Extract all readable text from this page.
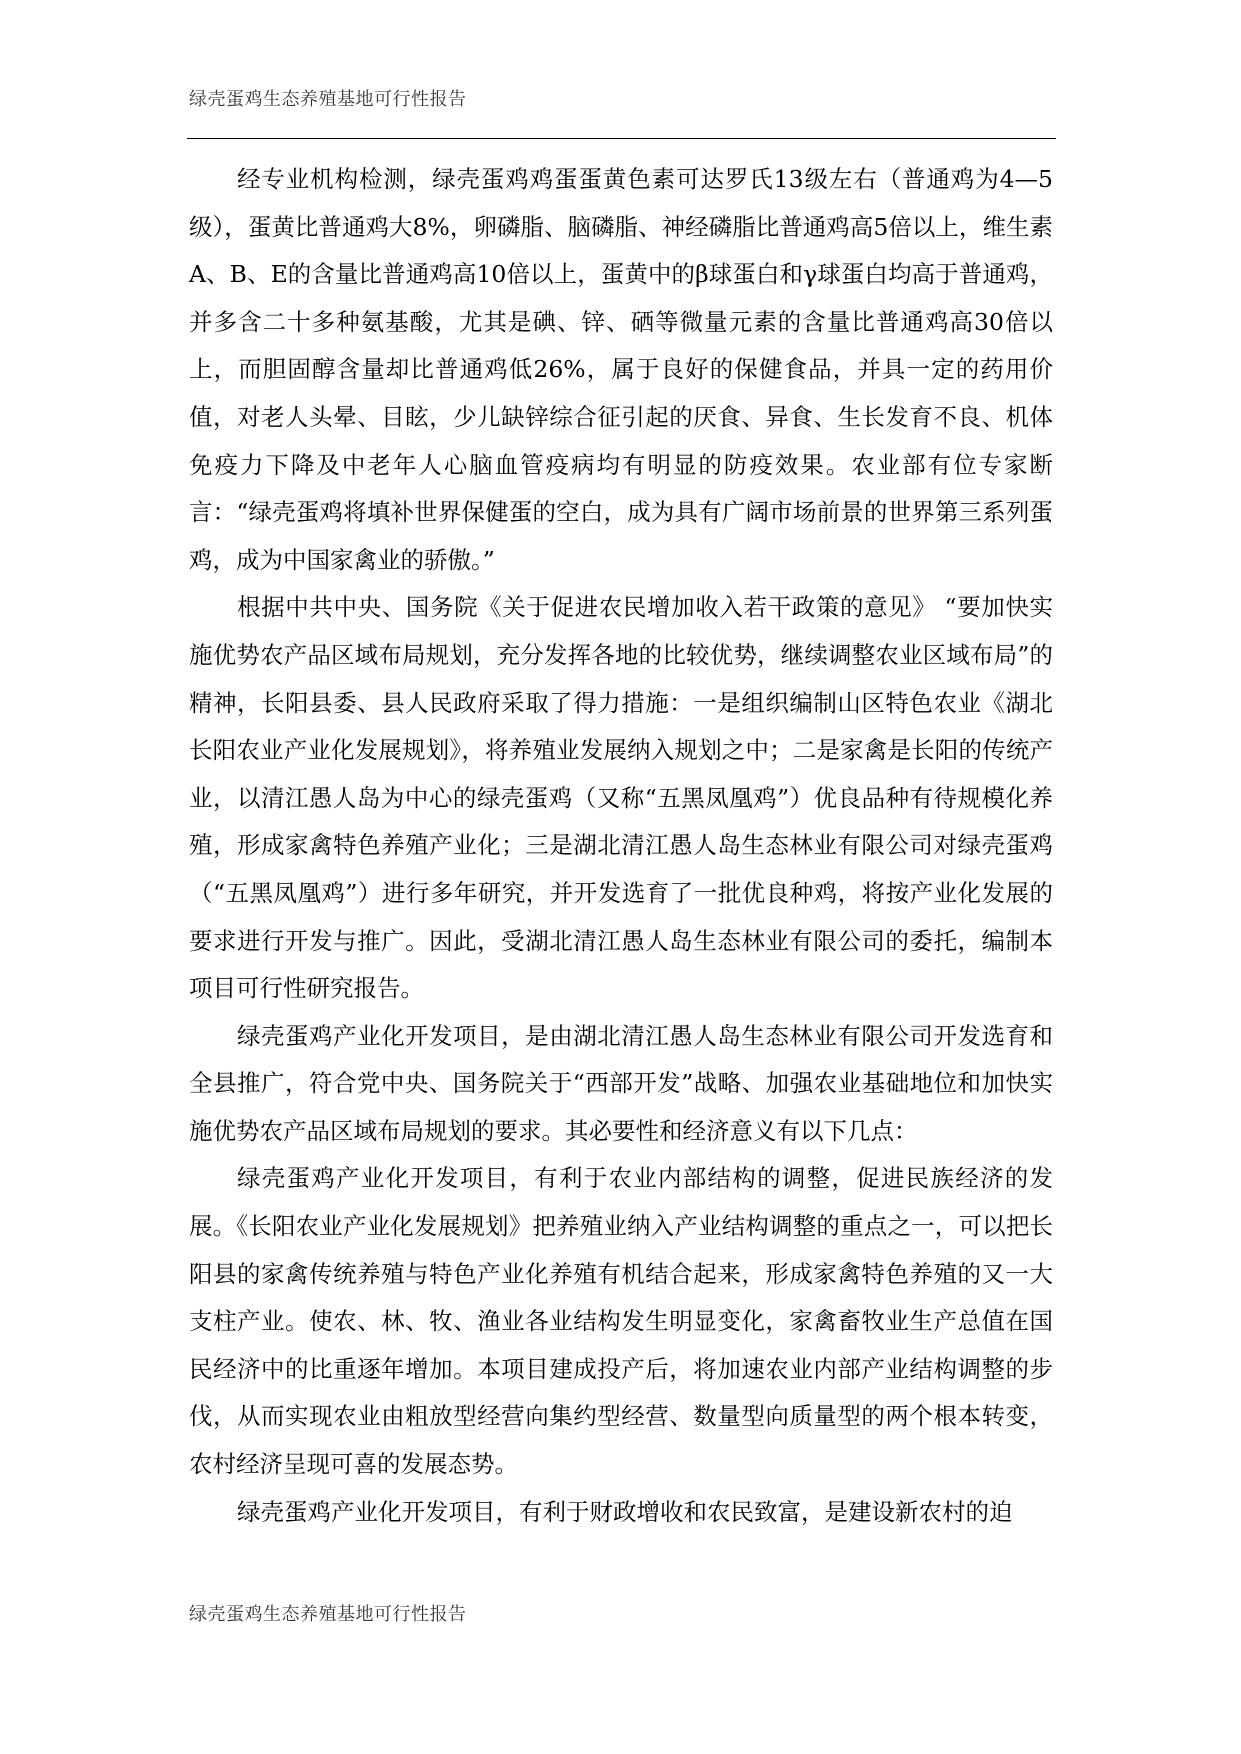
绿壳蛋鸡生态养殖基地可行性报告

经专业机构检测，绿壳蛋鸡鸡蛋蛋黄色素可达罗氏13级左右（普通鸡为4—5级），蛋黄比普通鸡大8%，卵磷脂、脑磷脂、神经磷脂比普通鸡高5倍以上，维生素A、B、E的含量比普通鸡高10倍以上，蛋黄中的β球蛋白和γ球蛋白均高于普通鸡，并多含二十多种氨基酸，尤其是碘、锌、硒等微量元素的含量比普通鸡高30倍以上，而胆固醇含量却比普通鸡低26%，属于良好的保健食品，并具一定的药用价值，对老人头晕、目眩，少儿缺锌综合征引起的厌食、异食、生长发育不良、机体免疫力下降及中老年人心脑血管疫病均有明显的防疫效果。农业部有位专家断言：“绿壳蛋鸡将填补世界保健蛋的空白，成为具有广阔市场前景的世界第三系列蛋鸡，成为中国家禽业的骄傲。”

根据中共中央、国务院《关于促进农民增加收入若干政策的意见》 “要加快实施优势农产品区域布局规划，充分发挥各地的比较优势，继续调整农业区域布局”的精神，长阳县委、县人民政府采取了得力措施：一是组织编制山区特色农业《湖北长阳农业产业化发展规划》，将养殖业发展纳入规划之中；二是家禽是长阳的传统产业，以清江愚人岛为中心的绿壳蛋鸡（又称“五黑凤凰鸡”）优良品种有待规模化养殖，形成家禽特色养殖产业化；三是湖北清江愚人岛生态林业有限公司对绿壳蛋鸡（“五黑凤凰鸡”）进行多年研究，并开发选育了一批优良种鸡，将按产业化发展的要求进行开发与推广。因此，受湖北清江愚人岛生态林业有限公司的委托，编制本项目可行性研究报告。

绿壳蛋鸡产业化开发项目，是由湖北清江愚人岛生态林业有限公司开发选育和全县推广，符合党中央、国务院关于“西部开发”战略、加强农业基础地位和加快实施优势农产品区域布局规划的要求。其必要性和经济意义有以下几点：

绿壳蛋鸡产业化开发项目，有利于农业内部结构的调整，促进民族经济的发展。《长阳农业产业化发展规划》把养殖业纳入产业结构调整的重点之一，可以把长阳县的家禽传统养殖与特色产业化养殖有机结合起来，形成家禽特色养殖的又一大支柱产业。使农、林、牧、渔业各业结构发生明显变化，家禽畜牧业生产总值在国民经济中的比重逐年增加。本项目建成投产后，将加速农业内部产业结构调整的步伐，从而实现农业由粗放型经营向集约型经营、数量型向质量型的两个根本转变，农村经济呈现可喜的发展态势。

绿壳蛋鸡产业化开发项目，有利于财政增收和农民致富，是建设新农村的迫

绿壳蛋鸡生态养殖基地可行性报告
